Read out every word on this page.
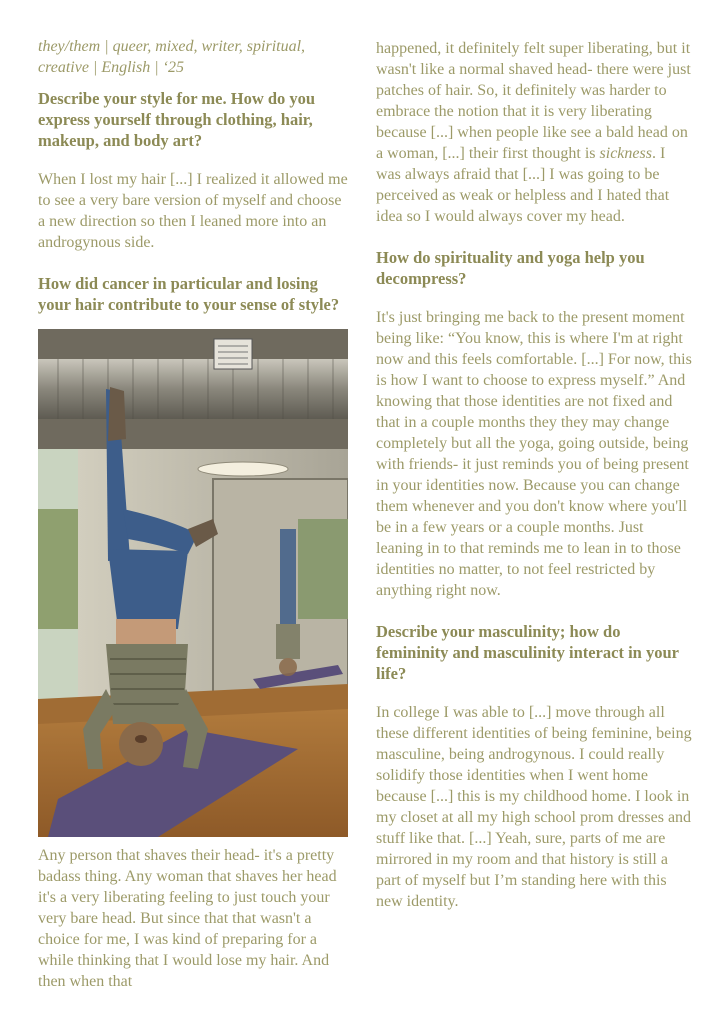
they/them | queer, mixed, writer, spiritual, creative | English | ‘25

Describe your style for me. How do you express yourself through clothing, hair, makeup, and body art?

When I lost my hair [...] I realized it allowed me to see a very bare version of myself and choose a new direction so then I leaned more into an androgynous side.

How did cancer in particular and losing your hair contribute to your sense of style?

Any person that shaves their head- it's a pretty badass thing. Any woman that shaves her head it's a very liberating feeling to just touch your very bare head. But since that that wasn't a choice for me, I was kind of preparing for a while thinking that I would lose my hair. And then when that

happened, it definitely felt super liberating, but it wasn't like a normal shaved head- there were just patches of hair. So, it definitely was harder to embrace the notion that it is very liberating because [...] when people like see a bald head on a woman, [...] their first thought is sickness. I was always afraid that [...] I was going to be perceived as weak or helpless and I hated that idea so I would always cover my head.

How do spirituality and yoga help you decompress?

It's just bringing me back to the present moment being like: “You know, this is where I'm at right now and this feels comfortable. [...] For now, this is how I want to choose to express myself.” And knowing that those identities are not fixed and that in a couple months they they may change completely but all the yoga, going outside, being with friends- it just reminds you of being present in your identities now. Because you can change them whenever and you don't know where you'll be in a few years or a couple months. Just leaning in to that reminds me to lean in to those identities no matter, to not feel restricted by anything right now.

Describe your masculinity; how do femininity and masculinity interact in your life?

In college I was able to [...] move through all these different identities of being feminine, being masculine, being androgynous. I could really solidify those identities when I went home because [...] this is my childhood home. I look in my closet at all my high school prom dresses and stuff like that. [...] Yeah, sure, parts of me are mirrored in my room and that history is still a part of myself but I’m standing here with this new identity.
